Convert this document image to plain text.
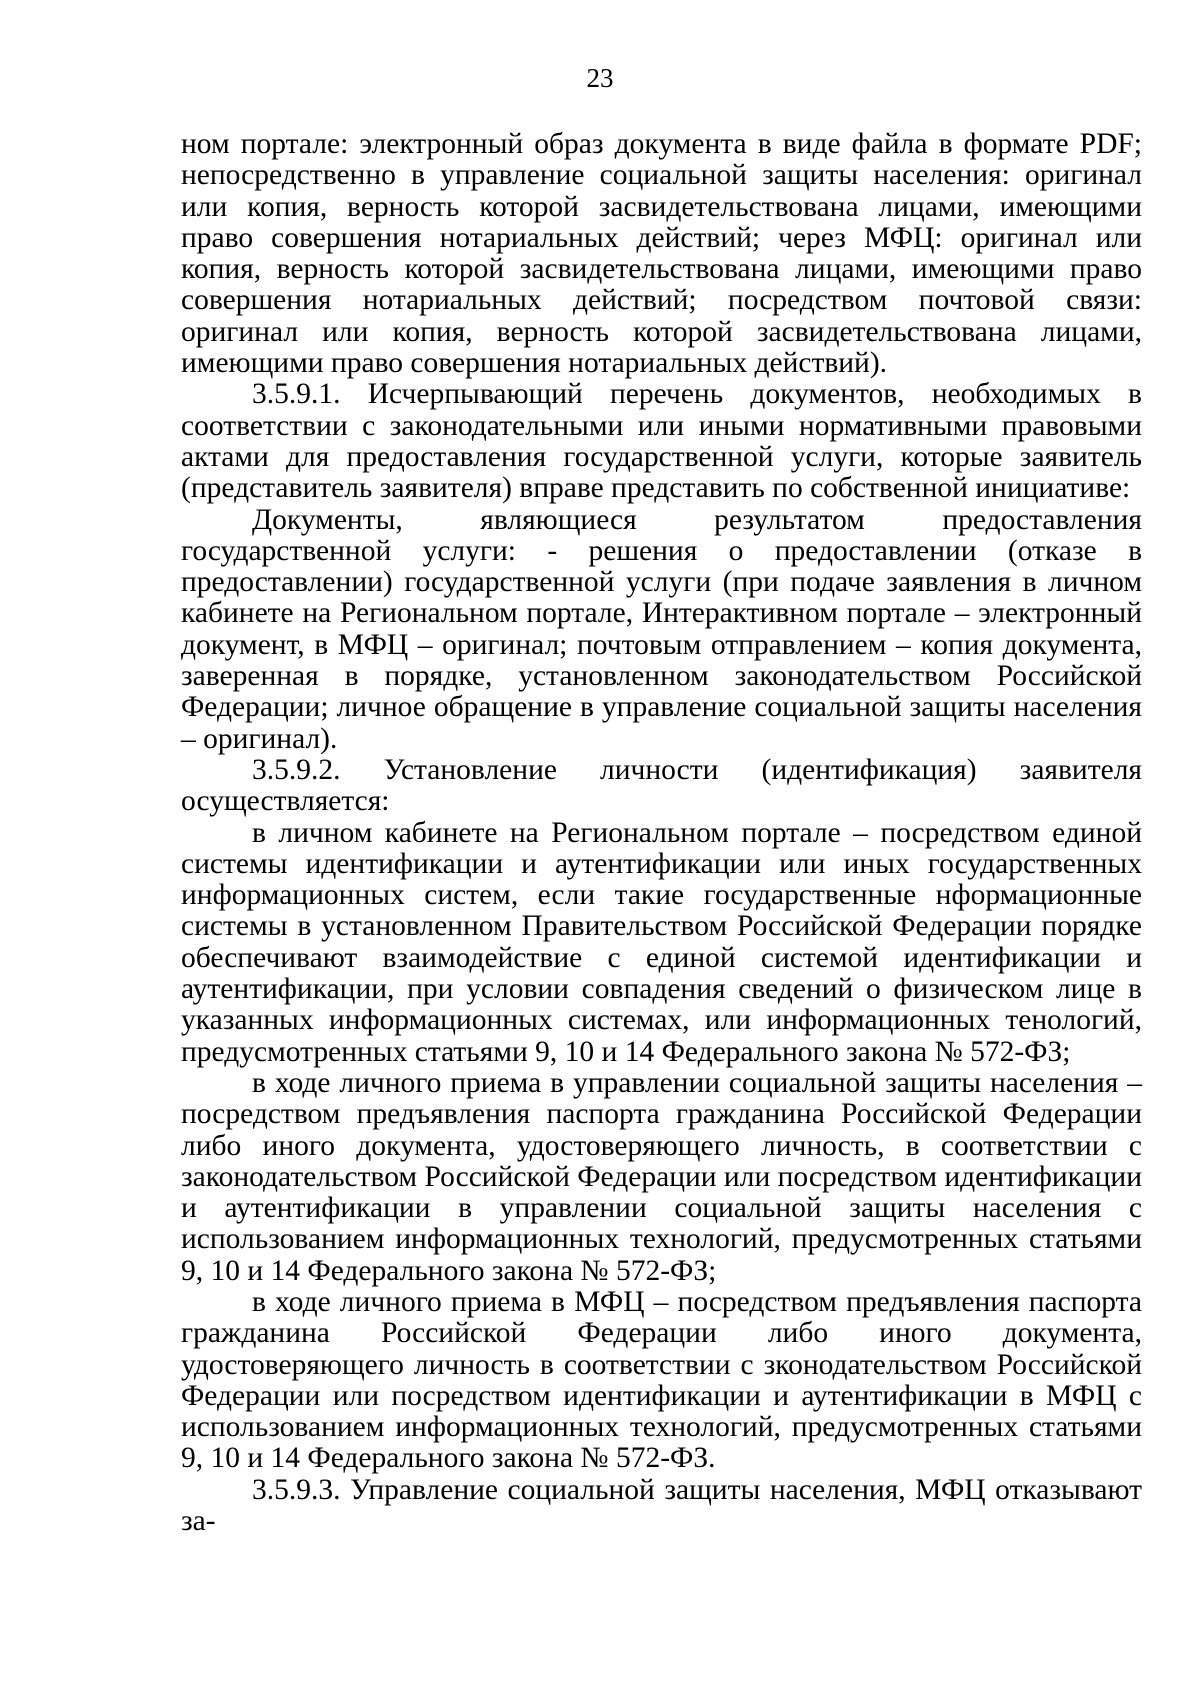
23

ном портале: электронный образ документа в виде файла в формате PDF; непосредственно в управление социальной защиты населения: оригинал или копия, верность которой засвидетельствована лицами, имеющими право совершения нотариальных действий; через МФЦ: оригинал или копия, верность которой засвидетельствована лицами, имеющими право совершения нотариальных действий; посредством почтовой связи: оригинал или копия, верность которой засвидетельствована лицами, имеющими право совершения нотариальных действий).

3.5.9.1. Исчерпывающий перечень документов, необходимых в соответствии с законодательными или иными нормативными правовыми актами для предоставления государственной услуги, которые заявитель (представитель заявителя) вправе представить по собственной инициативе:

Документы, являющиеся результатом предоставления государственной услуги: - решения о предоставлении (отказе в предоставлении) государственной услуги (при подаче заявления в личном кабинете на Региональном портале, Интерактивном портале – электронный документ, в МФЦ – оригинал; почтовым отправлением – копия документа, заверенная в порядке, установленном законодательством Российской Федерации; личное обращение в управление социальной защиты населения – оригинал).

3.5.9.2. Установление личности (идентификация) заявителя осуществляется:

в личном кабинете на Региональном портале – посредством единой системы идентификации и аутентификации или иных государственных информационных систем, если такие государственные нформационные системы в установленном Правительством Российской Федерации порядке обеспечивают взаимодействие с единой системой идентификации и аутентификации, при условии совпадения сведений о физическом лице в указанных информационных системах, или информационных тенологий, предусмотренных статьями 9, 10 и 14 Федерального закона № 572-ФЗ;

в ходе личного приема в управлении социальной защиты населения – посредством предъявления паспорта гражданина Российской Федерации либо иного документа, удостоверяющего личность, в соответствии с законодательством Российской Федерации или посредством идентификации и аутентификации в управлении социальной защиты населения с использованием информационных технологий, предусмотренных статьями 9, 10 и 14 Федерального закона № 572-ФЗ;

в ходе личного приема в МФЦ – посредством предъявления паспорта гражданина Российской Федерации либо иного документа, удостоверяющего личность в соответствии с зконодательством Российской Федерации или посредством идентификации и аутентификации в МФЦ с использованием информационных технологий, предусмотренных статьями 9, 10 и 14 Федерального закона № 572-ФЗ.

3.5.9.3. Управление социальной защиты населения, МФЦ отказывают за-
